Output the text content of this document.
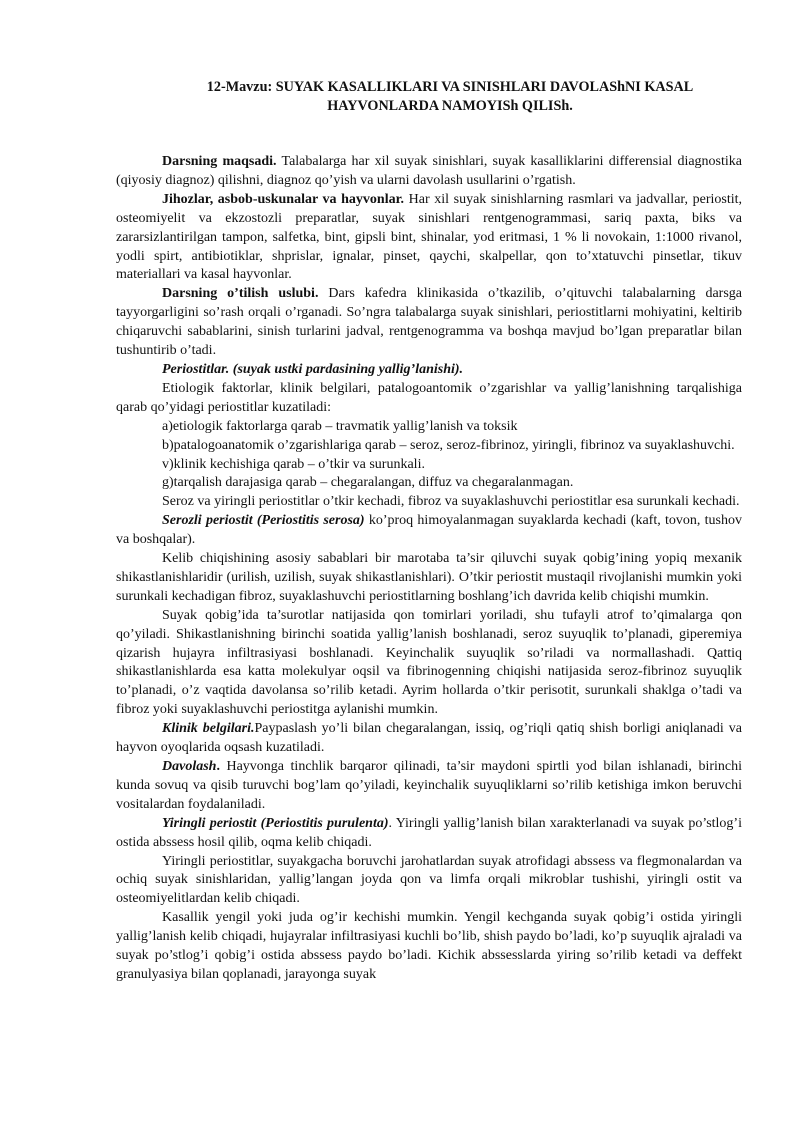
12-Mavzu: SUYAK KASALLIKLARI VA SINISHLARI DAVOLAShNI KASAL
HAYVONLARDA NAMOYISh QILISh.

Darsning maqsadi. Talabalarga har xil suyak sinishlari, suyak kasalliklarini differensial diagnostika (qiyosiy diagnoz) qilishni, diagnoz qo’yish va ularni davolash usullarini o’rgatish.

Jihozlar, asbob-uskunalar va hayvonlar. Har xil suyak sinishlarning rasmlari va jadvallar, periostit, osteomiyelit va ekzostozli preparatlar, suyak sinishlari rentgenogrammasi, sariq paxta, biks va zararsizlantirilgan tampon, salfetka, bint, gipsli bint, shinalar, yod eritmasi, 1 % li novokain, 1:1000 rivanol, yodli spirt, antibiotiklar, shprislar, ignalar, pinset, qaychi, skalpellar, qon to’xtatuvchi pinsetlar, tikuv materiallari va kasal hayvonlar.

Darsning o’tilish uslubi. Dars kafedra klinikasida o’tkazilib, o’qituvchi talabalarning darsga tayyorgarligini so’rash orqali o’rganadi. So’ngra talabalarga suyak sinishlari, periostitlarni mohiyatini, keltirib chiqaruvchi sabablarini, sinish turlarini jadval, rentgenogramma va boshqa mavjud bo’lgan preparatlar bilan tushuntirib o’tadi.

Periostitlar. (suyak ustki pardasining yallig’lanishi).

Etiologik faktorlar, klinik belgilari, patalogoantomik o’zgarishlar va yallig’lanishning tarqalishiga qarab qo’yidagi periostitlar kuzatiladi:

a)etiologik faktorlarga qarab – travmatik yallig’lanish va toksik

b)patalogoanatomik o’zgarishlariga qarab – seroz, seroz-fibrinoz, yiringli, fibrinoz va suyaklashuvchi.

v)klinik kechishiga qarab – o’tkir va surunkali.

g)tarqalish darajasiga qarab – chegaralangan, diffuz va chegaralanmagan.

Seroz va yiringli periostitlar o’tkir kechadi, fibroz va suyaklashuvchi periostitlar esa surunkali kechadi.

Serozli periostit (Periostitis serosa) ko’proq himoyalanmagan suyaklarda kechadi (kaft, tovon, tushov va boshqalar).

Kelib chiqishining asosiy sabablari bir marotaba ta’sir qiluvchi suyak qobig’ining yopiq mexanik shikastlanishlaridir (urilish, uzilish, suyak shikastlanishlari). O’tkir periostit mustaqil rivojlanishi mumkin yoki surunkali kechadigan fibroz, suyaklashuvchi periostitlarning boshlang’ich davrida kelib chiqishi mumkin.

Suyak qobig’ida ta’surotlar natijasida qon tomirlari yoriladi, shu tufayli atrof to’qimalarga qon qo’yiladi. Shikastlanishning birinchi soatida yallig’lanish boshlanadi, seroz suyuqlik to’planadi, giperemiya qizarish hujayra infiltrasiyasi boshlanadi. Keyinchalik suyuqlik so’riladi va normallashadi. Qattiq shikastlanishlarda esa katta molekulyar oqsil va fibrinogenning chiqishi natijasida seroz-fibrinoz suyuqlik to’planadi, o’z vaqtida davolansa so’rilib ketadi. Ayrim hollarda o’tkir perisotit, surunkali shaklga o’tadi va fibroz yoki suyaklashuvchi periostitga aylanishi mumkin.

Klinik belgilari.Paypaslash yo’li bilan chegaralangan, issiq, og’riqli qatiq shish borligi aniqlanadi va hayvon oyoqlarida oqsash kuzatiladi.

Davolash. Hayvonga tinchlik barqaror qilinadi, ta’sir maydoni spirtli yod bilan ishlanadi, birinchi kunda sovuq va qisib turuvchi bog’lam qo’yiladi, keyinchalik suyuqliklarni so’rilib ketishiga imkon beruvchi vositalardan foydalaniladi.

Yiringli periostit (Periostitis purulenta). Yiringli yallig’lanish bilan xarakterlanadi va suyak po’stlog’i ostida abssess hosil qilib, oqma kelib chiqadi.

Yiringli periostitlar, suyakgacha boruvchi jarohatlardan suyak atrofidagi abssess va flegmonalardan va ochiq suyak sinishlaridan, yallig’langan joyda qon va limfa orqali mikroblar tushishi, yiringli ostit va osteomiyelitlardan kelib chiqadi.

Kasallik yengil yoki juda og’ir kechishi mumkin. Yengil kechganda suyak qobig’i ostida yiringli yallig’lanish kelib chiqadi, hujayralar infiltrasiyasi kuchli bo’lib, shish paydo bo’ladi, ko’p suyuqlik ajraladi va suyak po’stlog’i qobig’i ostida abssess paydo bo’ladi. Kichik abssesslarda yiring so’rilib ketadi va deffekt granulyasiya bilan qoplanadi, jarayonga suyak
